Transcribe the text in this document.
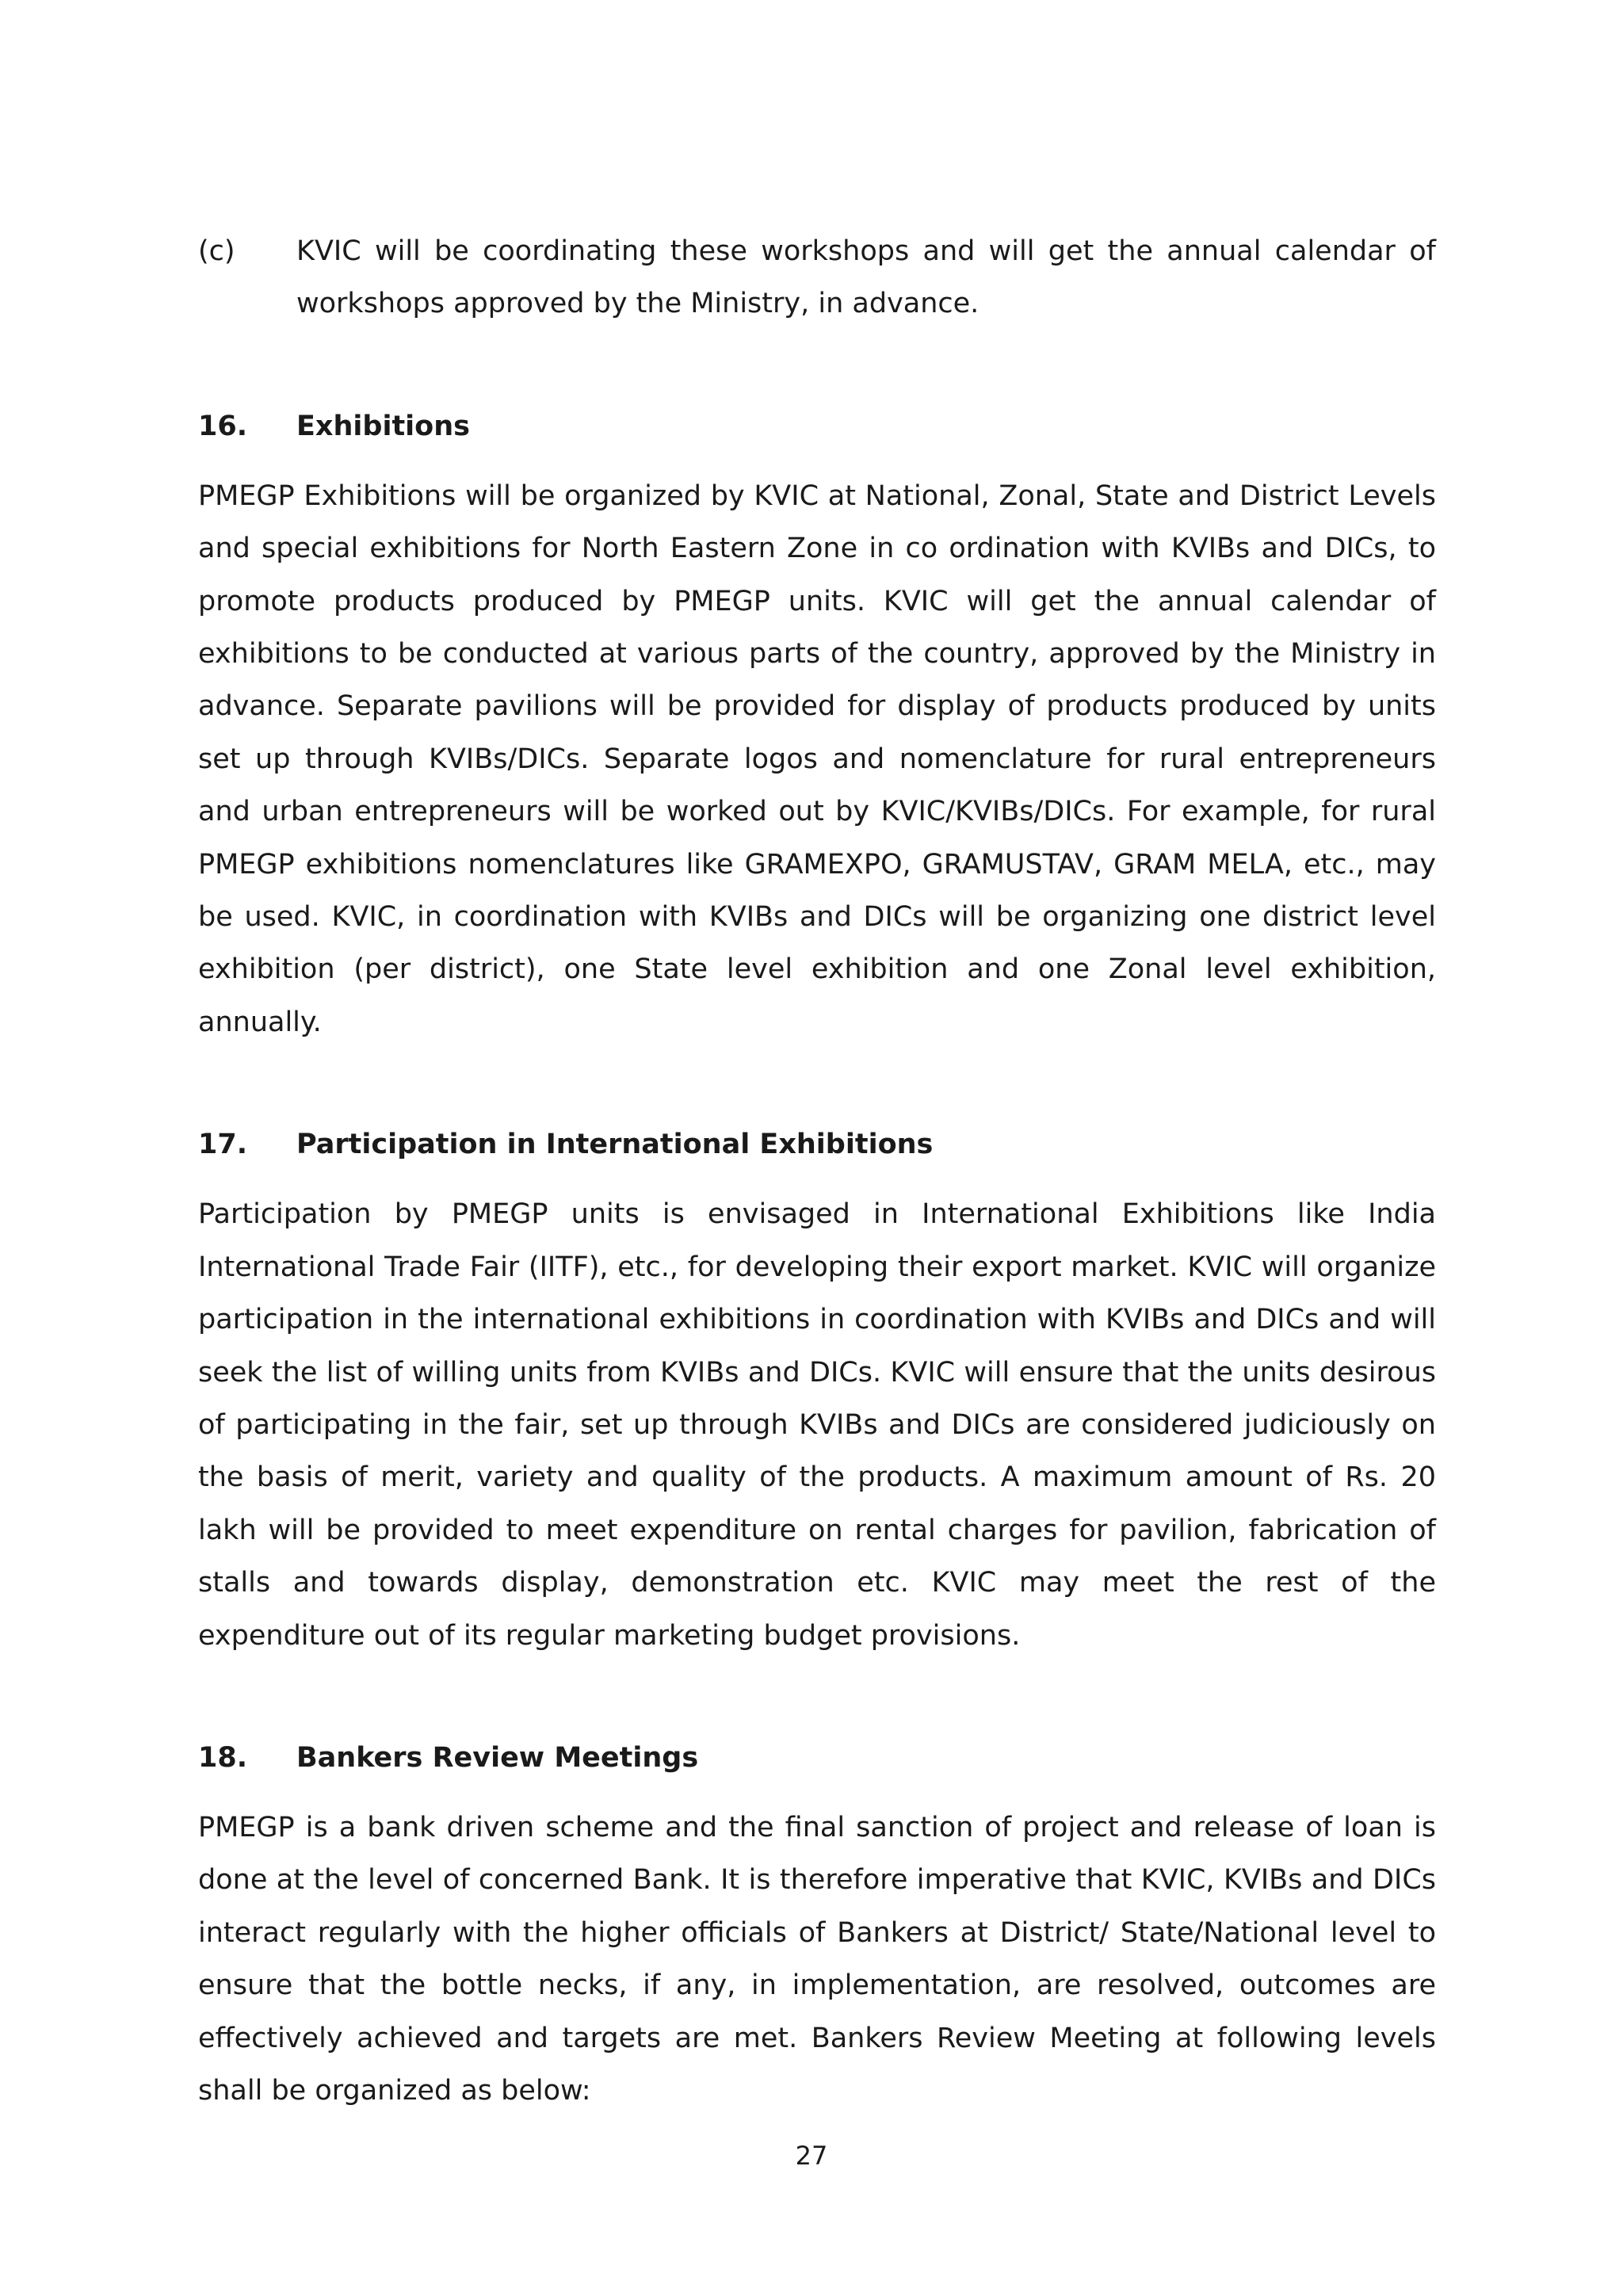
(c)	KVIC will be coordinating these workshops and will get the annual calendar of workshops approved by the Ministry, in advance.

16.	Exhibitions

PMEGP Exhibitions will be organized by KVIC at National, Zonal, State and District Levels and special exhibitions for North Eastern Zone in co ordination with KVIBs and DICs, to promote products produced by PMEGP units. KVIC will get the annual calendar of exhibitions to be conducted at various parts of the country, approved by the Ministry in advance. Separate pavilions will be provided for display of products produced by units set up through KVIBs/DICs. Separate logos and nomenclature for rural entrepreneurs and urban entrepreneurs will be worked out by KVIC/KVIBs/DICs. For example, for rural PMEGP exhibitions nomenclatures like GRAMEXPO, GRAMUSTAV, GRAM MELA, etc., may be used. KVIC, in coordination with KVIBs and DICs will be organizing one district level exhibition (per district), one State level exhibition and one Zonal level exhibition, annually.

17.	Participation in International Exhibitions

Participation by PMEGP units is envisaged in International Exhibitions like India International Trade Fair (IITF), etc., for developing their export market. KVIC will organize participation in the international exhibitions in coordination with KVIBs and DICs and will seek the list of willing units from KVIBs and DICs. KVIC will ensure that the units desirous of participating in the fair, set up through KVIBs and DICs are considered judiciously on the basis of merit, variety and quality of the products. A maximum amount of Rs. 20 lakh will be provided to meet expenditure on rental charges for pavilion, fabrication of stalls and towards display, demonstration etc. KVIC may meet the rest of the expenditure out of its regular marketing budget provisions.

18.	Bankers Review Meetings

PMEGP is a bank driven scheme and the final sanction of project and release of loan is done at the level of concerned Bank. It is therefore imperative that KVIC, KVIBs and DICs interact regularly with the higher officials of Bankers at District/ State/National level to ensure that the bottle necks, if any, in implementation, are resolved, outcomes are effectively achieved and targets are met. Bankers Review Meeting at following levels shall be organized as below:

27
